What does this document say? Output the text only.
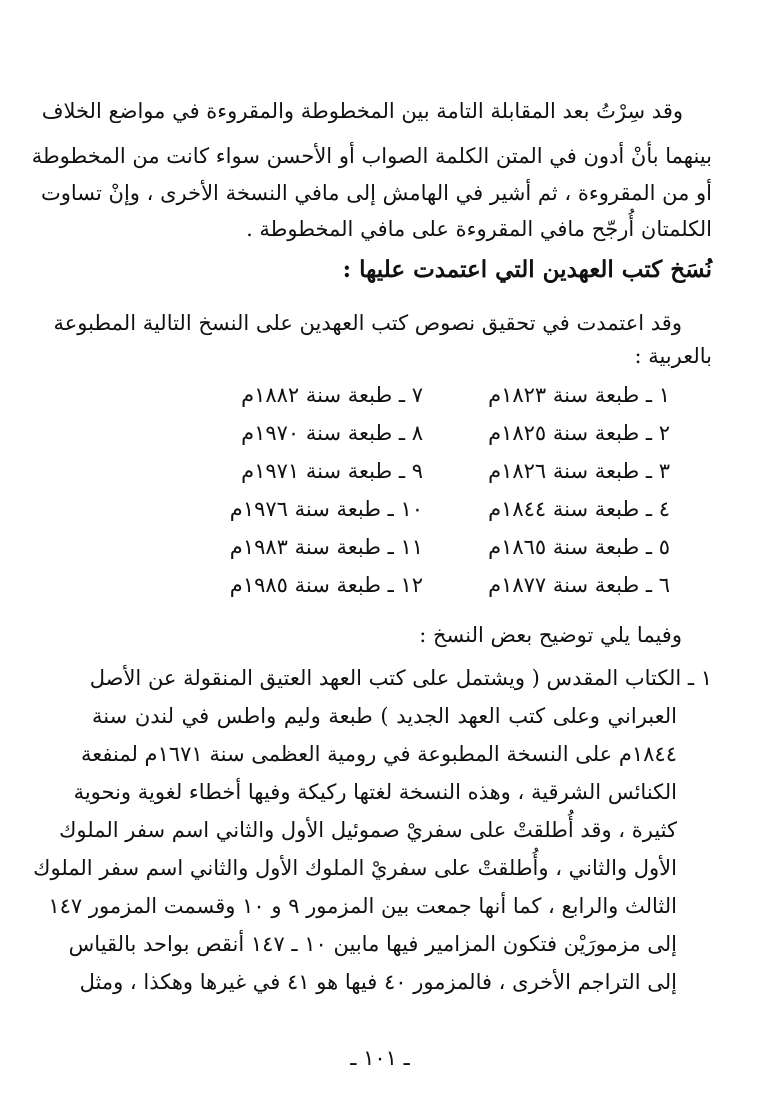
وقد سِرْتُ بعد المقابلة التامة بين المخطوطة والمقروءة في مواضع الخلاف
بينهما بأنْ أدون في المتن الكلمة الصواب أو الأحسن سواء كانت من المخطوطة
أو من المقروءة ، ثم أشير في الهامش إلى مافي النسخة الأخرى ، وإنْ تساوت
الكلمتان أُرجّح مافي المقروءة على مافي المخطوطة .
نُسَخ كتب العهدين التي اعتمدت عليها :
وقد اعتمدت في تحقيق نصوص كتب العهدين على النسخ التالية المطبوعة
بالعربية :
١ ـ طبعة سنة ١٨٢٣م
٢ ـ طبعة سنة ١٨٢٥م
٣ ـ طبعة سنة ١٨٢٦م
٤ ـ طبعة سنة ١٨٤٤م
٥ ـ طبعة سنة ١٨٦٥م
٦ ـ طبعة سنة ١٨٧٧م
٧ ـ طبعة سنة ١٨٨٢م
٨ ـ طبعة سنة ١٩٧٠م
٩ ـ طبعة سنة ١٩٧١م
١٠ ـ طبعة سنة ١٩٧٦م
١١ ـ طبعة سنة ١٩٨٣م
١٢ ـ طبعة سنة ١٩٨٥م
وفيما يلي توضيح بعض النسخ :
١ ـ الكتاب المقدس ( ويشتمل على كتب العهد العتيق المنقولة عن الأصل
العبراني وعلى كتب العهد الجديد ) طبعة وليم واطس في لندن سنة
١٨٤٤م على النسخة المطبوعة في رومية العظمى سنة ١٦٧١م لمنفعة
الكنائس الشرقية ، وهذه النسخة لغتها ركيكة وفيها أخطاء لغوية ونحوية
كثيرة ، وقد أُطلقتْ على سفريْ صموئيل الأول والثاني اسم سفر الملوك
الأول والثاني ، وأُطلقتْ على سفريْ الملوك الأول والثاني اسم سفر الملوك
الثالث والرابع ، كما أنها جمعت بين المزمور ٩ و ١٠ وقسمت المزمور ١٤٧
إلى مزمورَيْن فتكون المزامير فيها مابين ١٠ ـ ١٤٧ أنقص بواحد بالقياس
إلى التراجم الأخرى ، فالمزمور ٤٠ فيها هو ٤١ في غيرها وهكذا ، ومثل
ـ ١٠١ ـ
